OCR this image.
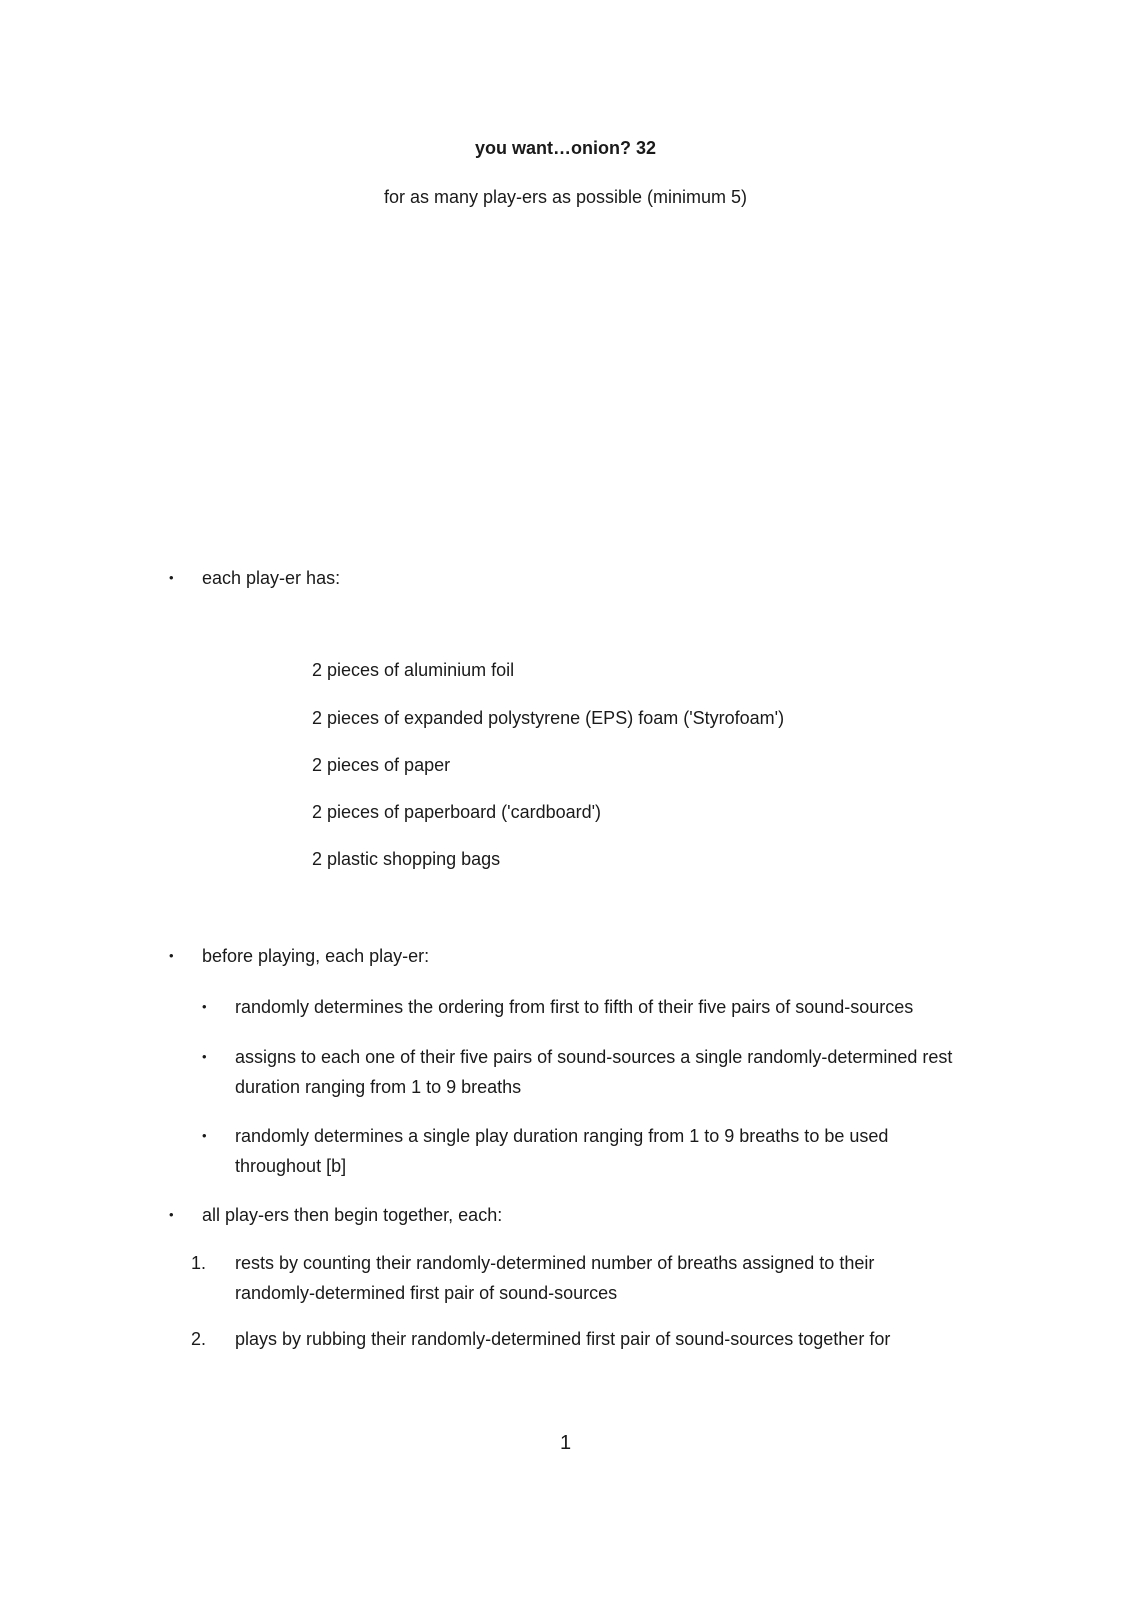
you want…onion? 32
for as many play-ers as possible (minimum 5)
• each play-er has:
2 pieces of aluminium foil
2 pieces of expanded polystyrene (EPS) foam ('Styrofoam')
2 pieces of paper
2 pieces of paperboard ('cardboard')
2 plastic shopping bags
• before playing, each play-er:
• randomly determines the ordering from first to fifth of their five pairs of sound-sources
• assigns to each one of their five pairs of sound-sources a single randomly-determined rest duration ranging from 1 to 9 breaths
• randomly determines a single play duration ranging from 1 to 9 breaths to be used throughout [b]
• all play-ers then begin together, each:
1. rests by counting their randomly-determined number of breaths assigned to their randomly-determined first pair of sound-sources
2. plays by rubbing their randomly-determined first pair of sound-sources together for
1
